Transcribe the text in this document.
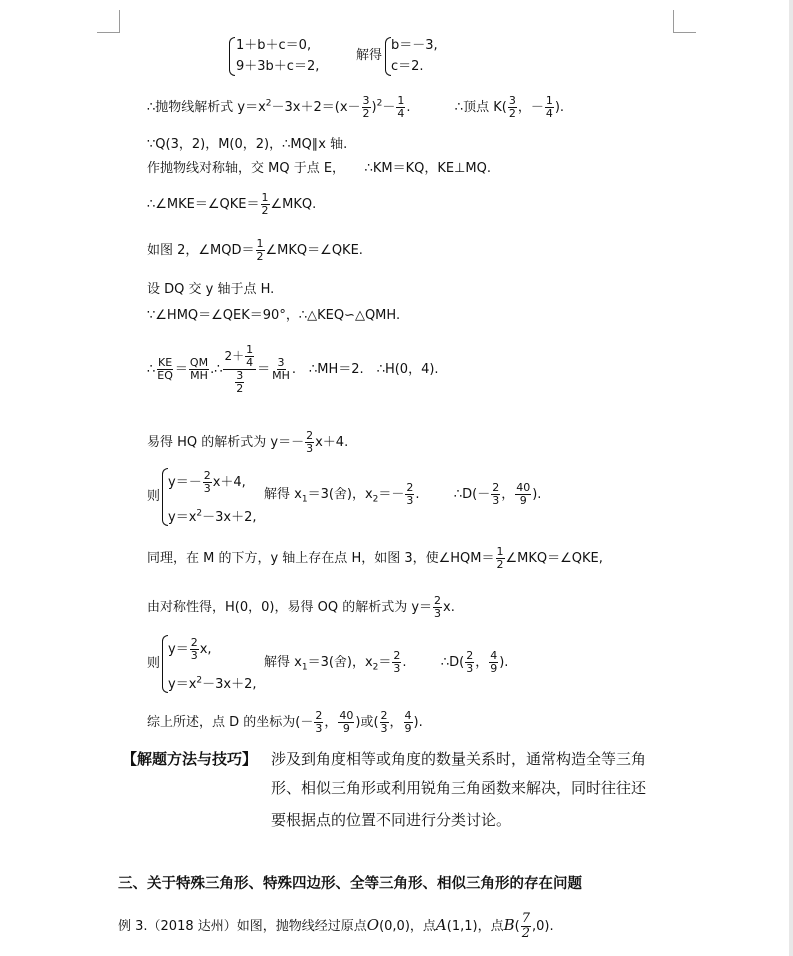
1＋b＋c＝0,
9＋3b＋c＝2,
解得
b＝－3,
c＝2.
∴抛物线解析式 $y=x^2-3x+2=(x- \frac{3}{2} )^2- \frac{1}{4}$ .	∴顶点 $K( \frac{3}{2}$ ，－ $\frac{1}{4}$ ).
∵Q(3，2)，M(0，2)，∴MQ∥x 轴.
作抛物线对称轴，交 MQ 于点 E，　　∴KM＝KQ，KE⊥MQ.
∴∠MKE＝∠QKE＝ $\frac{1}{2}$ ∠MKQ.
如图 2，∠MQD＝ $\frac{1}{2}$ ∠MKQ＝∠QKE.
设 DQ 交 y 轴于点 H.
∵∠HMQ＝∠QEK＝90°，∴△KEQ∽△QMH.
∴ $\frac{KE}{EQ} = \frac{QM}{MH}$ .∴ $\frac{2+ \frac{1}{4}}{\frac{3}{2}} = \frac{3}{MH}$ .　∴MH＝2.　∴H(0，4).
易得 HQ 的解析式为 $y=- \frac{2}{3} x+4$.
则
$y=- \frac{2}{3} x+4$,
$y=x^2-3x+2$,
解得 $x_1=3$(舍)，$x_2=- \frac{2}{3}$ .	∴D(－ $\frac{2}{3}$ ， $\frac{40}{9}$ ).
同理，在 M 的下方，y 轴上存在点 H，如图 3，使∠HQM＝ $\frac{1}{2}$ ∠MKQ＝∠QKE,
由对称性得，H(0，0)，易得 OQ 的解析式为 $y= \frac{2}{3} x$.
则
$y= \frac{2}{3} x$,
$y=x^2-3x+2$,
解得 $x_1=3$(舍)，$x_2= \frac{2}{3}$ .	∴D( $\frac{2}{3}$ ， $\frac{4}{9}$ ).
综上所述，点 D 的坐标为(－ $\frac{2}{3}$ ， $\frac{40}{9}$ )或( $\frac{2}{3}$ ， $\frac{4}{9}$ ).
【解题方法与技巧】 涉及到角度相等或角度的数量关系时，通常构造全等三角
形、相似三角形或利用锐角三角函数来解决，同时往往还
要根据点的位置不同进行分类讨论。
三、关于特殊三角形、特殊四边形、全等三角形、相似三角形的存在问题
例 3.（2018 达州）如图，抛物线经过原点O(0,0)，点A(1,1)，点$B( \frac{7}{2} ,0)$.
